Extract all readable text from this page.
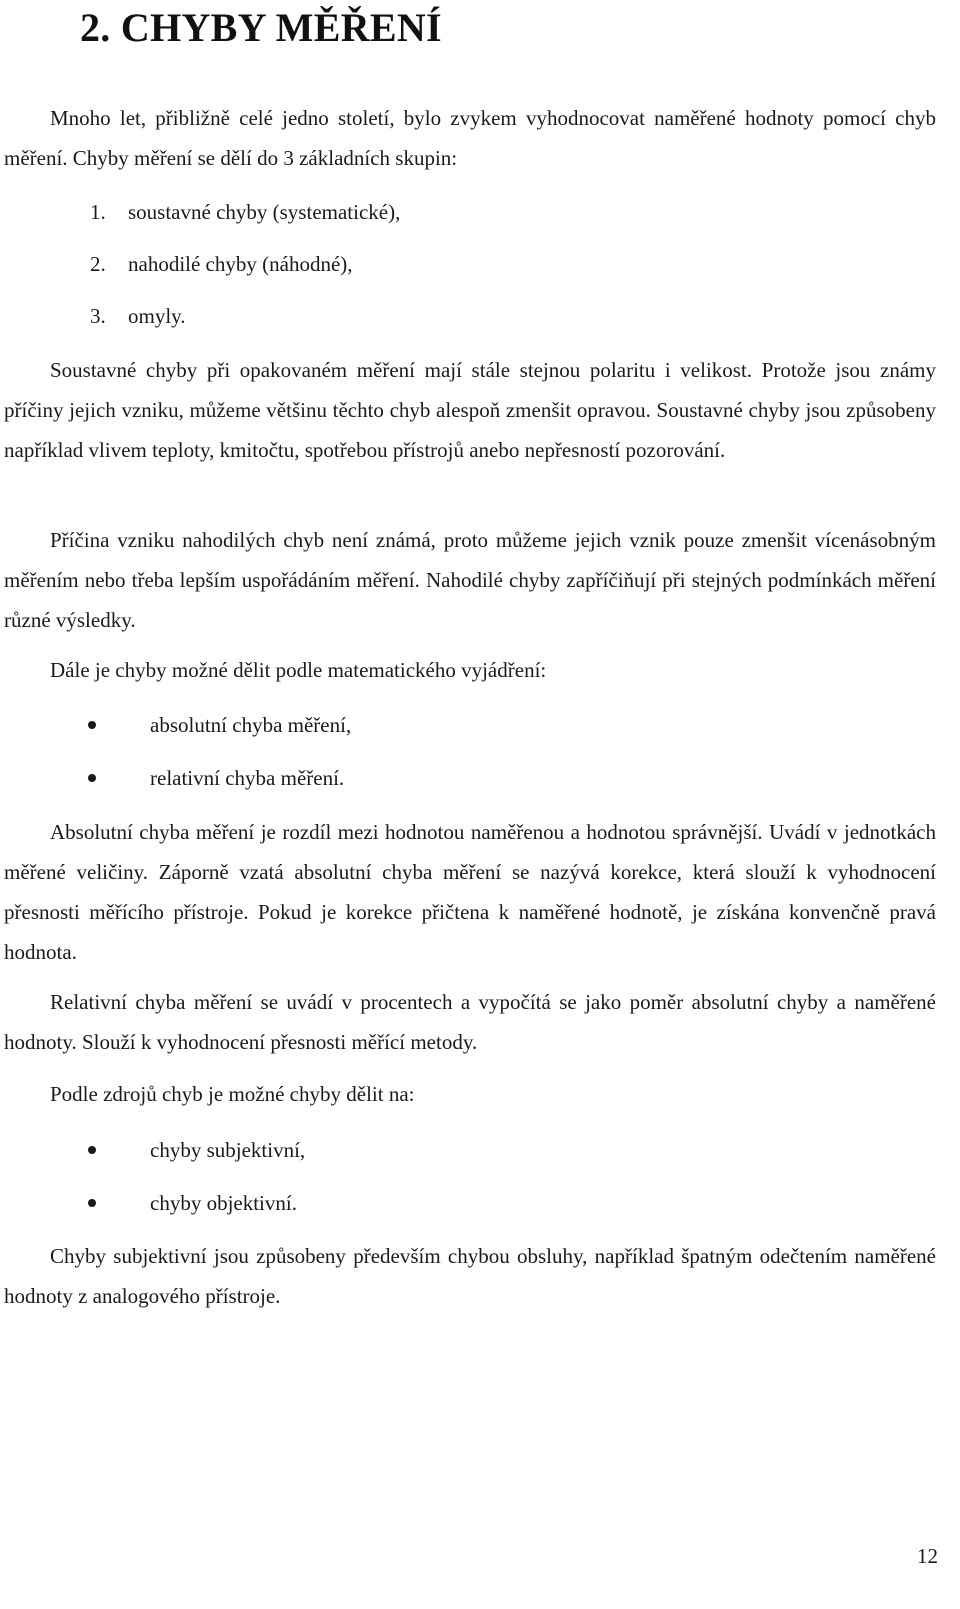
2. CHYBY MĚŘENÍ

Mnoho let, přibližně celé jedno století, bylo zvykem vyhodnocovat naměřené hodnoty pomocí chyb měření. Chyby měření se dělí do 3 základních skupin:

1. soustavné chyby (systematické),
2. nahodilé chyby (náhodné),
3. omyly.

Soustavné chyby při opakovaném měření mají stále stejnou polaritu i velikost. Protože jsou známy příčiny jejich vzniku, můžeme většinu těchto chyb alespoň zmenšit opravou. Soustavné chyby jsou způsobeny například vlivem teploty, kmitočtu, spotřebou přístrojů anebo nepřesností pozorování.

Příčina vzniku nahodilých chyb není známá, proto můžeme jejich vznik pouze zmenšit vícenásobným měřením nebo třeba lepším uspořádáním měření. Nahodilé chyby zapříčiňují při stejných podmínkách měření různé výsledky.

Dále je chyby možné dělit podle matematického vyjádření:

absolutní chyba měření,
relativní chyba měření.

Absolutní chyba měření je rozdíl mezi hodnotou naměřenou a hodnotou správnější. Uvádí v jednotkách měřené veličiny. Záporně vzatá absolutní chyba měření se nazývá korekce, která slouží k vyhodnocení přesnosti měřícího přístroje. Pokud je korekce přičtena k naměřené hodnotě, je získána konvenčně pravá hodnota.

Relativní chyba měření se uvádí v procentech a vypočítá se jako poměr absolutní chyby a naměřené hodnoty. Slouží k vyhodnocení přesnosti měřící metody.

Podle zdrojů chyb je možné chyby dělit na:

chyby subjektivní,
chyby objektivní.

Chyby subjektivní jsou způsobeny především chybou obsluhy, například špatným odečtením naměřené hodnoty z analogového přístroje.

12
